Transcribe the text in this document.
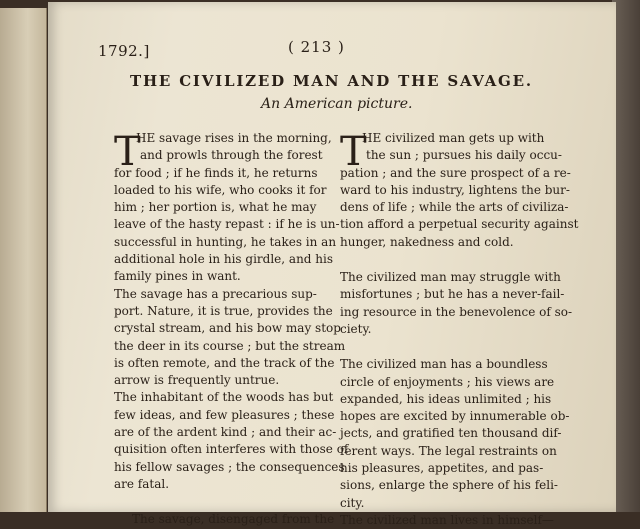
1792.]	( 213 )
THE CIVILIZED MAN AND THE SAVAGE.
An American picture.
T
HE savage rises in the morning,
and prowls through the forest
for food ; if he finds it, he returns
loaded to his wife, who cooks it for
him ; her portion is, what he may
leave of the hasty repast : if he is un-
successful in hunting, he takes in an
additional hole in his girdle, and his
family pines in want.
The savage has a precarious sup-
port. Nature, it is true, provides the
crystal stream, and his bow may stop
the deer in its course ; but the stream
is often remote, and the track of the
arrow is frequently untrue.
The inhabitant of the woods has but
few ideas, and few pleasures ; these
are of the ardent kind ; and their ac-
quisition often interferes with those of
his fellow savages ; the consequences
are fatal.
The savage, disengaged from the
T
HE civilized man gets up with
the sun ; pursues his daily occu-
pation ; and the sure prospect of a re-
ward to his industry, lightens the bur-
dens of life ; while the arts of civiliza-
tion afford a perpetual security against
hunger, nakedness and cold.
The civilized man may struggle with
misfortunes ; but he has a never-fail-
ing resource in the benevolence of so-
ciety.
The civilized man has a boundless
circle of enjoyments ; his views are
expanded, his ideas unlimited ; his
hopes are excited by innumerable ob-
jects, and gratified ten thousand dif-
ferent ways. The legal restraints on
his pleasures, appetites, and pas-
sions, enlarge the sphere of his feli-
city.
The civilized man lives in himself—
